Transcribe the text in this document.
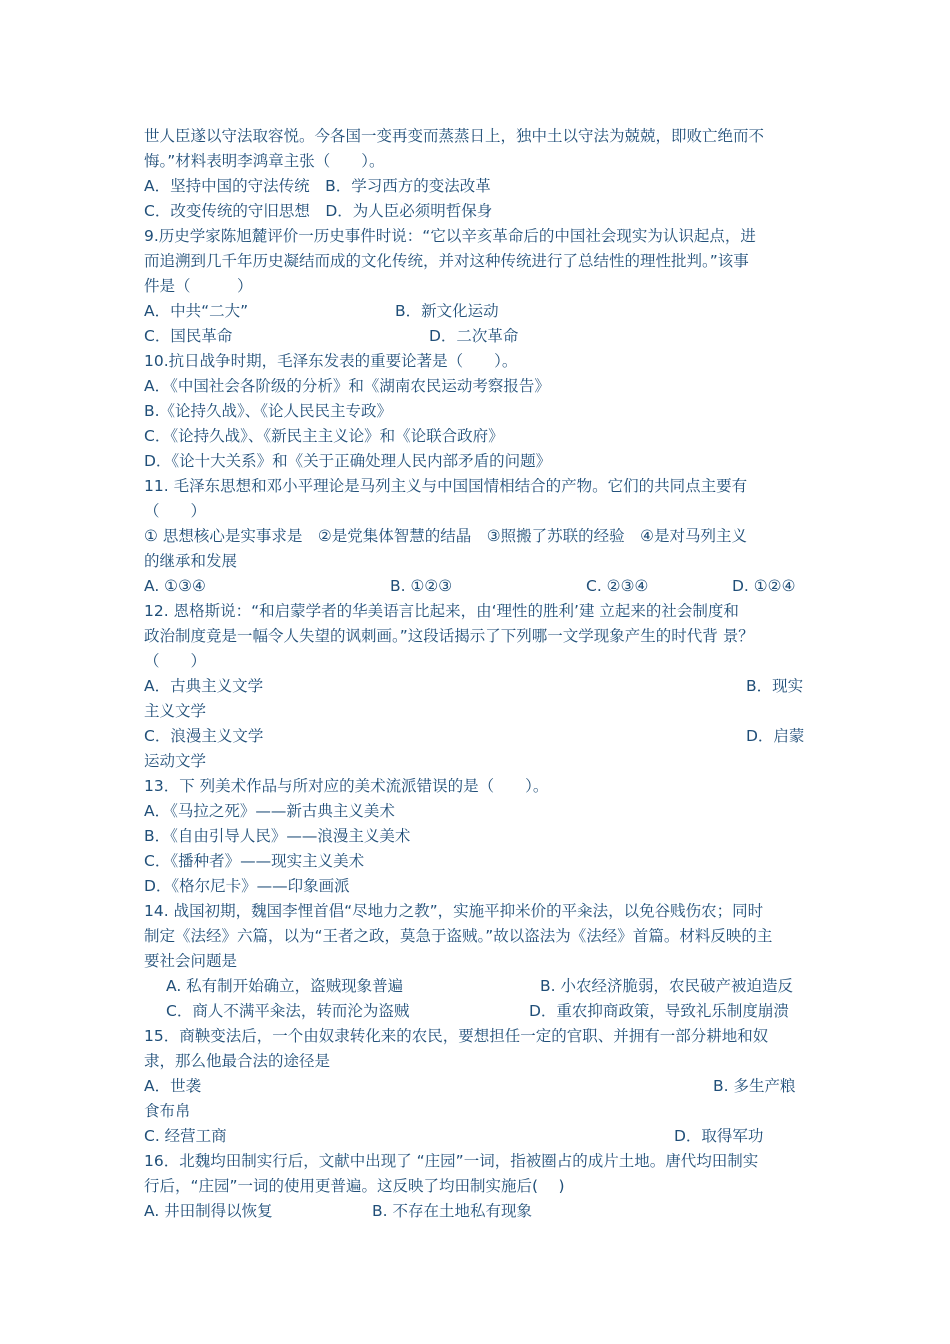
世人臣遂以守法取容悦。今各国一变再变而蒸蒸日上，独中土以守法为兢兢，即败亡绝而不
悔。”材料表明李鸿章主张（　　）。
A．坚持中国的守法传统　B．学习西方的变法改革
C．改变传统的守旧思想　D．为人臣必须明哲保身
9.历史学家陈旭麓评价一历史事件时说：“它以辛亥革命后的中国社会现实为认识起点，进
而追溯到几千年历史凝结而成的文化传统，并对这种传统进行了总结性的理性批判。”该事
件是（　　　）
A．中共“二大”	B．新文化运动
C．国民革命	D．二次革命
10.抗日战争时期，毛泽东发表的重要论著是（　　）。
A．《中国社会各阶级的分析》和《湖南农民运动考察报告》
B.《论持久战》、《论人民民主专政》
C．《论持久战》、《新民主主义论》和《论联合政府》
D．《论十大关系》和《关于正确处理人民内部矛盾的问题》
11. 毛泽东思想和邓小平理论是马列主义与中国国情相结合的产物。它们的共同点主要有
（　　）
① 思想核心是实事求是　②是党集体智慧的结晶　③照搬了苏联的经验　④是对马列主义
的继承和发展
A. ①③④	B. ①②③	C. ②③④	D. ①②④
12. 恩格斯说：“和启蒙学者的华美语言比起来，由‘理性的胜利’建 立起来的社会制度和
政治制度竟是一幅令人失望的讽刺画。”这段话揭示了下列哪一文学现象产生的时代背 景？
（　　）
A．古典主义文学	B．现实
主义文学
C．浪漫主义文学	D．启蒙
运动文学
13．下 列美术作品与所对应的美术流派错误的是（　　）。
A．《马拉之死》——新古典主义美术
B．《自由引导人民》——浪漫主义美术
C．《播种者》——现实主义美术
D．《格尔尼卡》——印象画派
14. 战国初期，魏国李悝首倡“尽地力之教”，实施平抑米价的平籴法，以免谷贱伤农；同时
制定《法经》六篇，以为“王者之政，莫急于盗贼。”故以盗法为《法经》首篇。材料反映的主
要社会问题是
A. 私有制开始确立，盗贼现象普遍	B. 小农经济脆弱，农民破产被迫造反
C．商人不满平籴法，转而沦为盗贼	D．重农抑商政策，导致礼乐制度崩溃
15．商鞅变法后，一个由奴隶转化来的农民，要想担任一定的官职、并拥有一部分耕地和奴
隶，那么他最合法的途径是
A．世袭	B. 多生产粮
食布帛
C. 经营工商	D．取得军功
16．北魏均田制实行后，文献中出现了 “庄园”一词，指被圈占的成片土地。唐代均田制实
行后，“庄园”一词的使用更普遍。这反映了均田制实施后(　 )
A. 井田制得以恢复	B. 不存在土地私有现象
